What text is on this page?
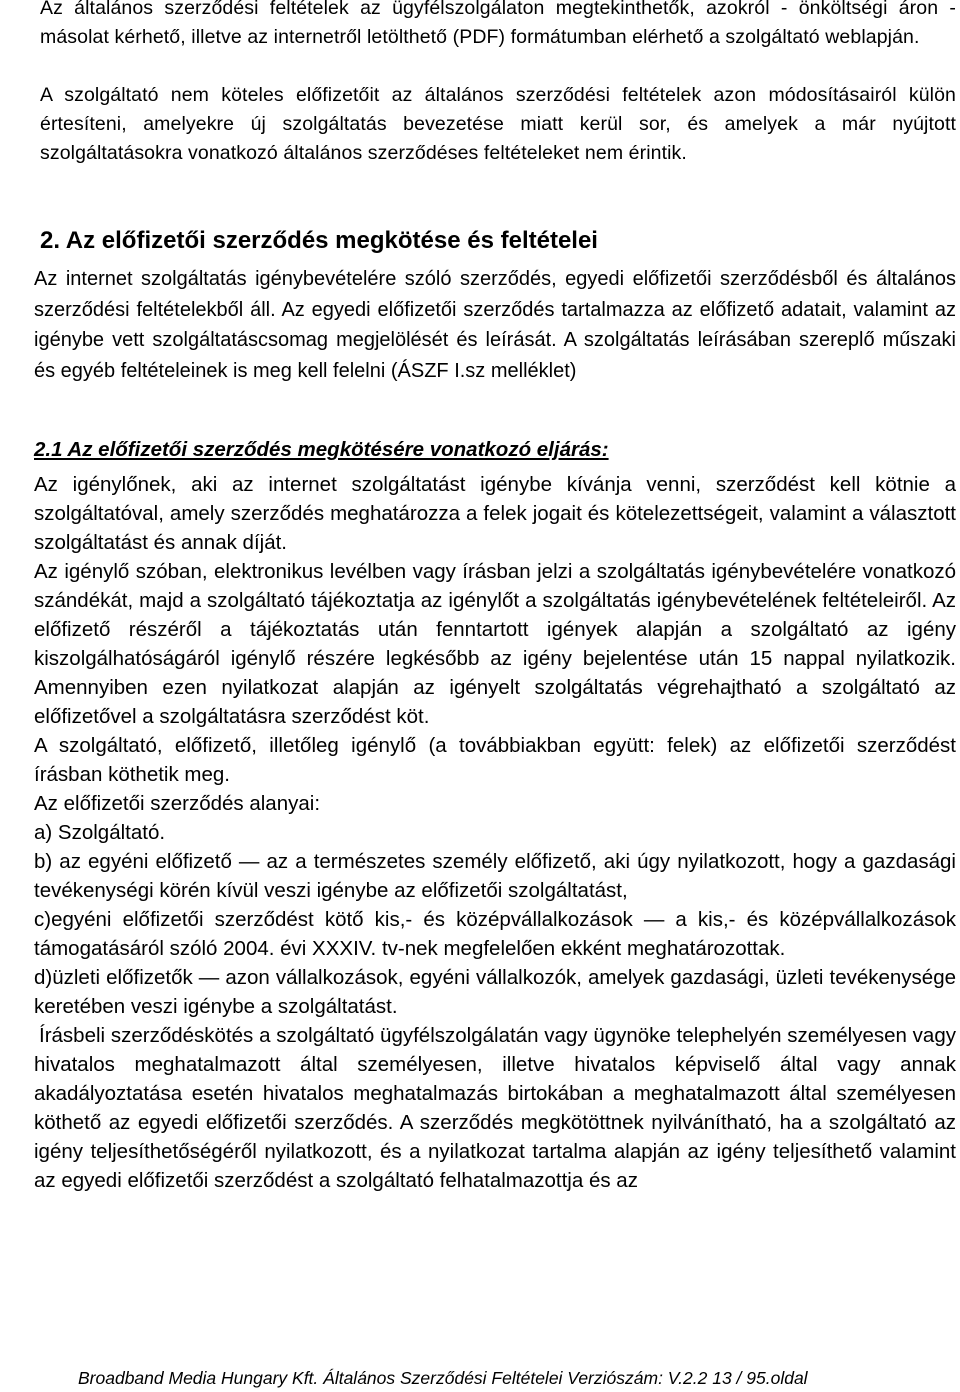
Az általános szerződési feltételek az ügyfélszolgálaton megtekinthetők, azokról - önköltségi áron - másolat kérhető, illetve az internetről letölthető (PDF) formátumban elérhető a szolgáltató weblapján.

A szolgáltató nem köteles előfizetőit az általános szerződési feltételek azon módosításairól külön értesíteni, amelyekre új szolgáltatás bevezetése miatt kerül sor, és amelyek a már nyújtott szolgáltatásokra vonatkozó általános szerződéses feltételeket nem érintik.

2. Az előfizetői szerződés megkötése és feltételei

Az internet szolgáltatás igénybevételére szóló szerződés, egyedi előfizetői szerződésből és általános szerződési feltételekből áll. Az egyedi előfizetői szerződés tartalmazza az előfizető adatait, valamint az igénybe vett szolgáltatáscsomag megjelölését és leírását. A szolgáltatás leírásában szereplő műszaki és egyéb feltételeinek is meg kell felelni (ÁSZF I.sz melléklet)

2.1 Az előfizetői szerződés megkötésére vonatkozó eljárás:

Az igénylőnek, aki az internet szolgáltatást igénybe kívánja venni, szerződést kell kötnie a szolgáltatóval, amely szerződés meghatározza a felek jogait és kötelezettségeit, valamint a választott szolgáltatást és annak díját.

Az igénylő szóban, elektronikus levélben vagy írásban jelzi a szolgáltatás igénybevételére vonatkozó szándékát, majd a szolgáltató tájékoztatja az igénylőt a szolgáltatás igénybevételének feltételeiről. Az előfizető részéről a tájékoztatás után fenntartott igények alapján a szolgáltató az igény kiszolgálhatóságáról igénylő részére legkésőbb az igény bejelentése után 15 nappal nyilatkozik. Amennyiben ezen nyilatkozat alapján az igényelt szolgáltatás végrehajtható a szolgáltató az előfizetővel a szolgáltatásra szerződést köt.

A szolgáltató, előfizető, illetőleg igénylő (a továbbiakban együtt: felek) az előfizetői szerződést írásban köthetik meg.

Az előfizetői szerződés alanyai:

a) Szolgáltató.

b) az egyéni előfizető — az a természetes személy előfizető, aki úgy nyilatkozott, hogy a gazdasági tevékenységi körén kívül veszi igénybe az előfizetői szolgáltatást,

c)egyéni előfizetői szerződést kötő kis,- és középvállalkozások — a kis,- és középvállalkozások támogatásáról szóló 2004. évi XXXIV. tv-nek megfelelően ekként meghatározottak.

d)üzleti előfizetők — azon vállalkozások, egyéni vállalkozók, amelyek gazdasági, üzleti tevékenysége keretében veszi igénybe a szolgáltatást.

Írásbeli szerződéskötés a szolgáltató ügyfélszolgálatán vagy ügynöke telephelyén személyesen vagy hivatalos meghatalmazott által személyesen, illetve hivatalos képviselő által vagy annak akadályoztatása esetén hivatalos meghatalmazás birtokában a meghatalmazott által személyesen köthető az egyedi előfizetői szerződés. A szerződés megkötöttnek nyilvánítható, ha a szolgáltató az igény teljesíthetőségéről nyilatkozott, és a nyilatkozat tartalma alapján az igény teljesíthető valamint az egyedi előfizetői szerződést a szolgáltató felhatalmazottja és az

Broadband Media Hungary Kft. Általános Szerződési Feltételei Verziószám: V.2.2 13 / 95.oldal
